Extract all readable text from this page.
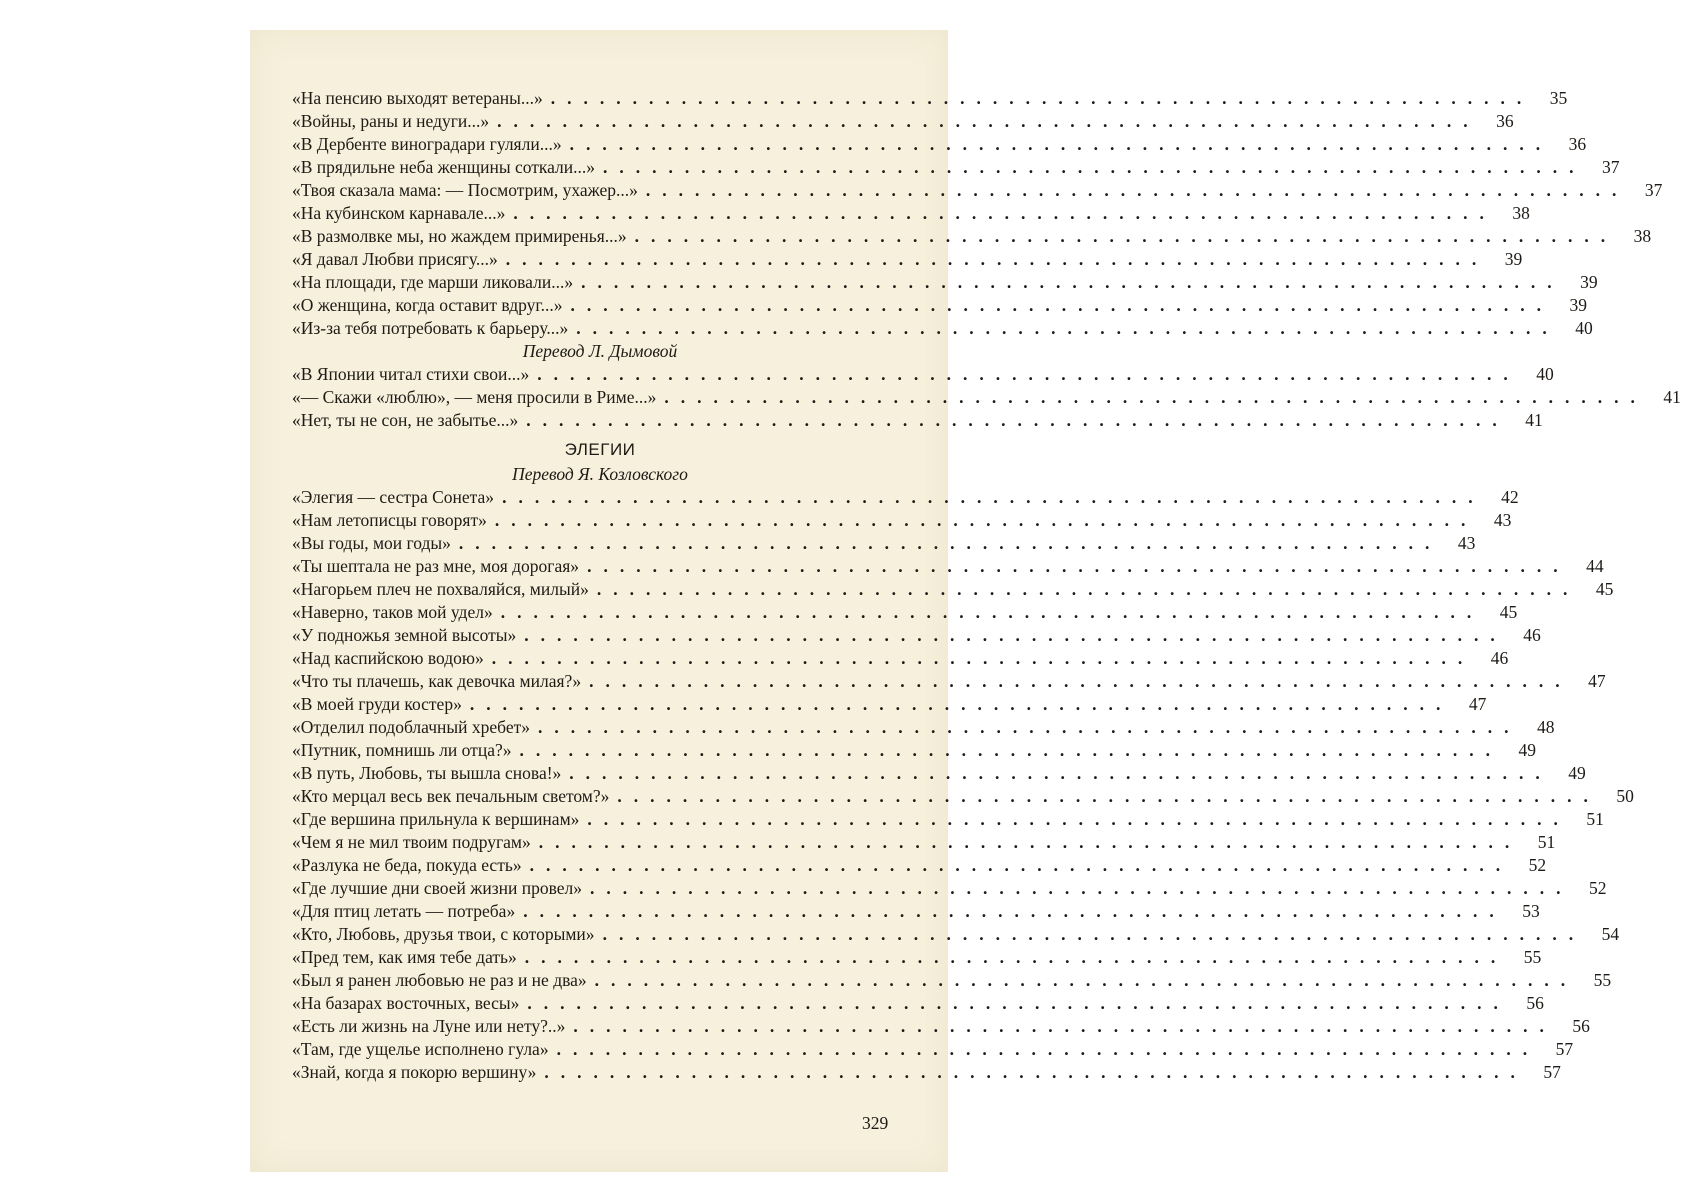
«На пенсию выходят ветераны...» ............................................................ 35
«Войны, раны и недуги...» ............................................................ 36
«В Дербенте виноградари гуляли...» ............................................................ 36
«В прядильне неба женщины соткали...» ............................................................ 37
«Твоя сказала мама: — Посмотрим, ухажер...» ............................................................ 37
«На кубинском карнавале...» ............................................................ 38
«В размолвке мы, но жаждем примиренья...» ............................................................ 38
«Я давал Любви присягу...» ............................................................ 39
«На площади, где марши ликовали...» ............................................................ 39
«О женщина, когда оставит вдруг...» ............................................................ 39
«Из-за тебя потребовать к барьеру...» ............................................................ 40
Перевод Л. Дымовой
«В Японии читал стихи свои...» ............................................................ 40
«— Скажи «люблю», — меня просили в Риме...» ............................................................ 41
«Нет, ты не сон, не забытье...» ............................................................ 41
ЭЛЕГИИ
Перевод Я. Козловского
«Элегия — сестра Сонета» ............................................................ 42
«Нам летописцы говорят» ............................................................ 43
«Вы годы, мои годы» ............................................................ 43
«Ты шептала не раз мне, моя дорогая» ............................................................ 44
«Нагорьем плеч не похваляйся, милый» ............................................................ 45
«Наверно, таков мой удел» ............................................................ 45
«У подножья земной высоты» ............................................................ 46
«Над каспийскою водою» ............................................................ 46
«Что ты плачешь, как девочка милая?» ............................................................ 47
«В моей груди костер» ............................................................ 47
«Отделил подоблачный хребет» ............................................................ 48
«Путник, помнишь ли отца?» ............................................................ 49
«В путь, Любовь, ты вышла снова!» ............................................................ 49
«Кто мерцал весь век печальным светом?» ............................................................ 50
«Где вершина прильнула к вершинам» ............................................................ 51
«Чем я не мил твоим подругам» ............................................................ 51
«Разлука не беда, покуда есть» ............................................................ 52
«Где лучшие дни своей жизни провел» ............................................................ 52
«Для птиц летать — потреба» ............................................................ 53
«Кто, Любовь, друзья твои, с которыми» ............................................................ 54
«Пред тем, как имя тебе дать» ............................................................ 55
«Был я ранен любовью не раз и не два» ............................................................ 55
«На базарах восточных, весы» ............................................................ 56
«Есть ли жизнь на Луне или нету?..» ............................................................ 56
«Там, где ущелье исполнено гула» ............................................................ 57
«Знай, когда я покорю вершину» ............................................................ 57
329
